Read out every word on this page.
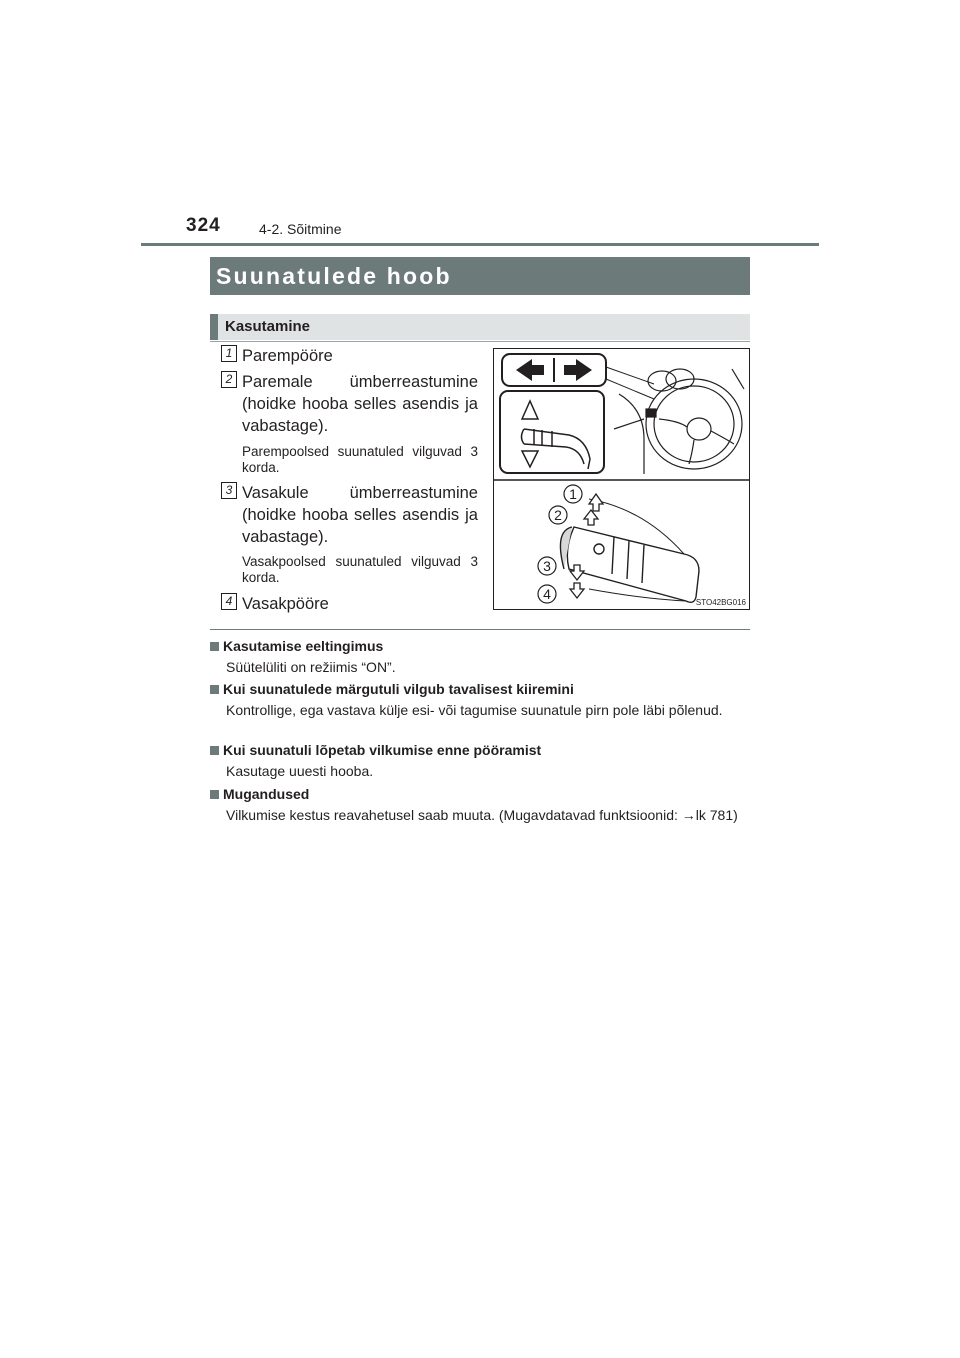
324	4-2. Sõitmine
Suunatulede hoob
Kasutamine
1 Parempööre
2 Paremale ümberreastumine (hoidke hooba selles asendis ja vabastage).
Parempoolsed suunatuled vilguvad 3 korda.
3 Vasakule ümberreastumine (hoidke hooba selles asendis ja vabastage).
Vasakpoolsed suunatuled vilguvad 3 korda.
4 Vasakpööre
1
2
3
4
STO42BG016
Kasutamise eeltingimus
Süütelüliti on režiimis “ON”.
Kui suunatulede märgutuli vilgub tavalisest kiiremini
Kontrollige, ega vastava külje esi- või tagumise suunatule pirn pole läbi põlenud.
Kui suunatuli lõpetab vilkumise enne pööramist
Kasutage uuesti hooba.
Mugandused
Vilkumise kestus reavahetusel saab muuta. (Mugavdatavad funktsioonid: →lk 781)
